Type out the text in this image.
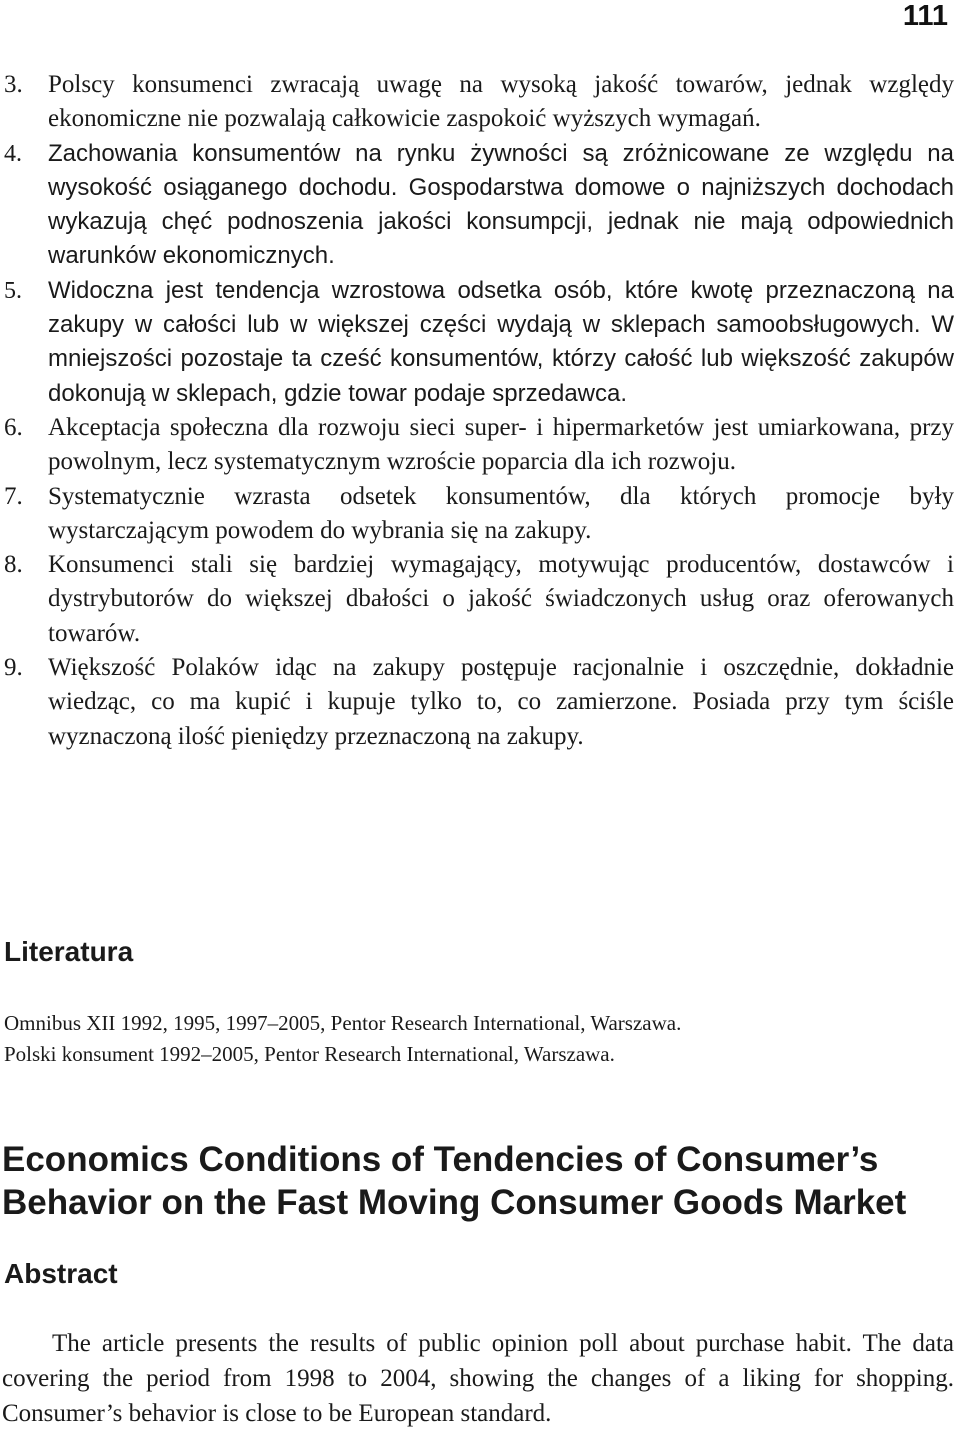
111
3. Polscy konsumenci zwracają uwagę na wysoką jakość towarów, jednak względy ekonomiczne nie pozwalają całkowicie zaspokoić wyższych wymagań.
4. Zachowania konsumentów na rynku żywności są zróżnicowane ze względu na wysokość osiąganego dochodu. Gospodarstwa domowe o najniższych dochodach wykazują chęć podnoszenia jakości konsumpcji, jednak nie mają odpowiednich warunków ekonomicznych.
5. Widoczna jest tendencja wzrostowa odsetka osób, które kwotę przeznaczoną na zakupy w całości lub w większej części wydają w sklepach samoobsługowych. W mniejszości pozostaje ta cześć konsumentów, którzy całość lub większość zakupów dokonują w sklepach, gdzie towar podaje sprzedawca.
6. Akceptacja społeczna dla rozwoju sieci super- i hipermarketów jest umiarkowana, przy powolnym, lecz systematycznym wzroście poparcia dla ich rozwoju.
7. Systematycznie wzrasta odsetek konsumentów, dla których promocje były wystarczającym powodem do wybrania się na zakupy.
8. Konsumenci stali się bardziej wymagający, motywując producentów, dostawców i dystrybutorów do większej dbałości o jakość świadczonych usług oraz oferowanych towarów.
9. Większość Polaków idąc na zakupy postępuje racjonalnie i oszczędnie, dokładnie wiedząc, co ma kupić i kupuje tylko to, co zamierzone. Posiada przy tym ściśle wyznaczoną ilość pieniędzy przeznaczoną na zakupy.
Literatura
Omnibus XII 1992, 1995, 1997–2005, Pentor Research International, Warszawa.
Polski konsument 1992–2005, Pentor Research International, Warszawa.
Economics Conditions of Tendencies of Consumer’s Behavior on the Fast Moving Consumer Goods Market
Abstract

The article presents the results of public opinion poll about purchase habit. The data covering the period from 1998 to 2004, showing the changes of a liking for shopping. Consumer’s behavior is close to be European standard.
